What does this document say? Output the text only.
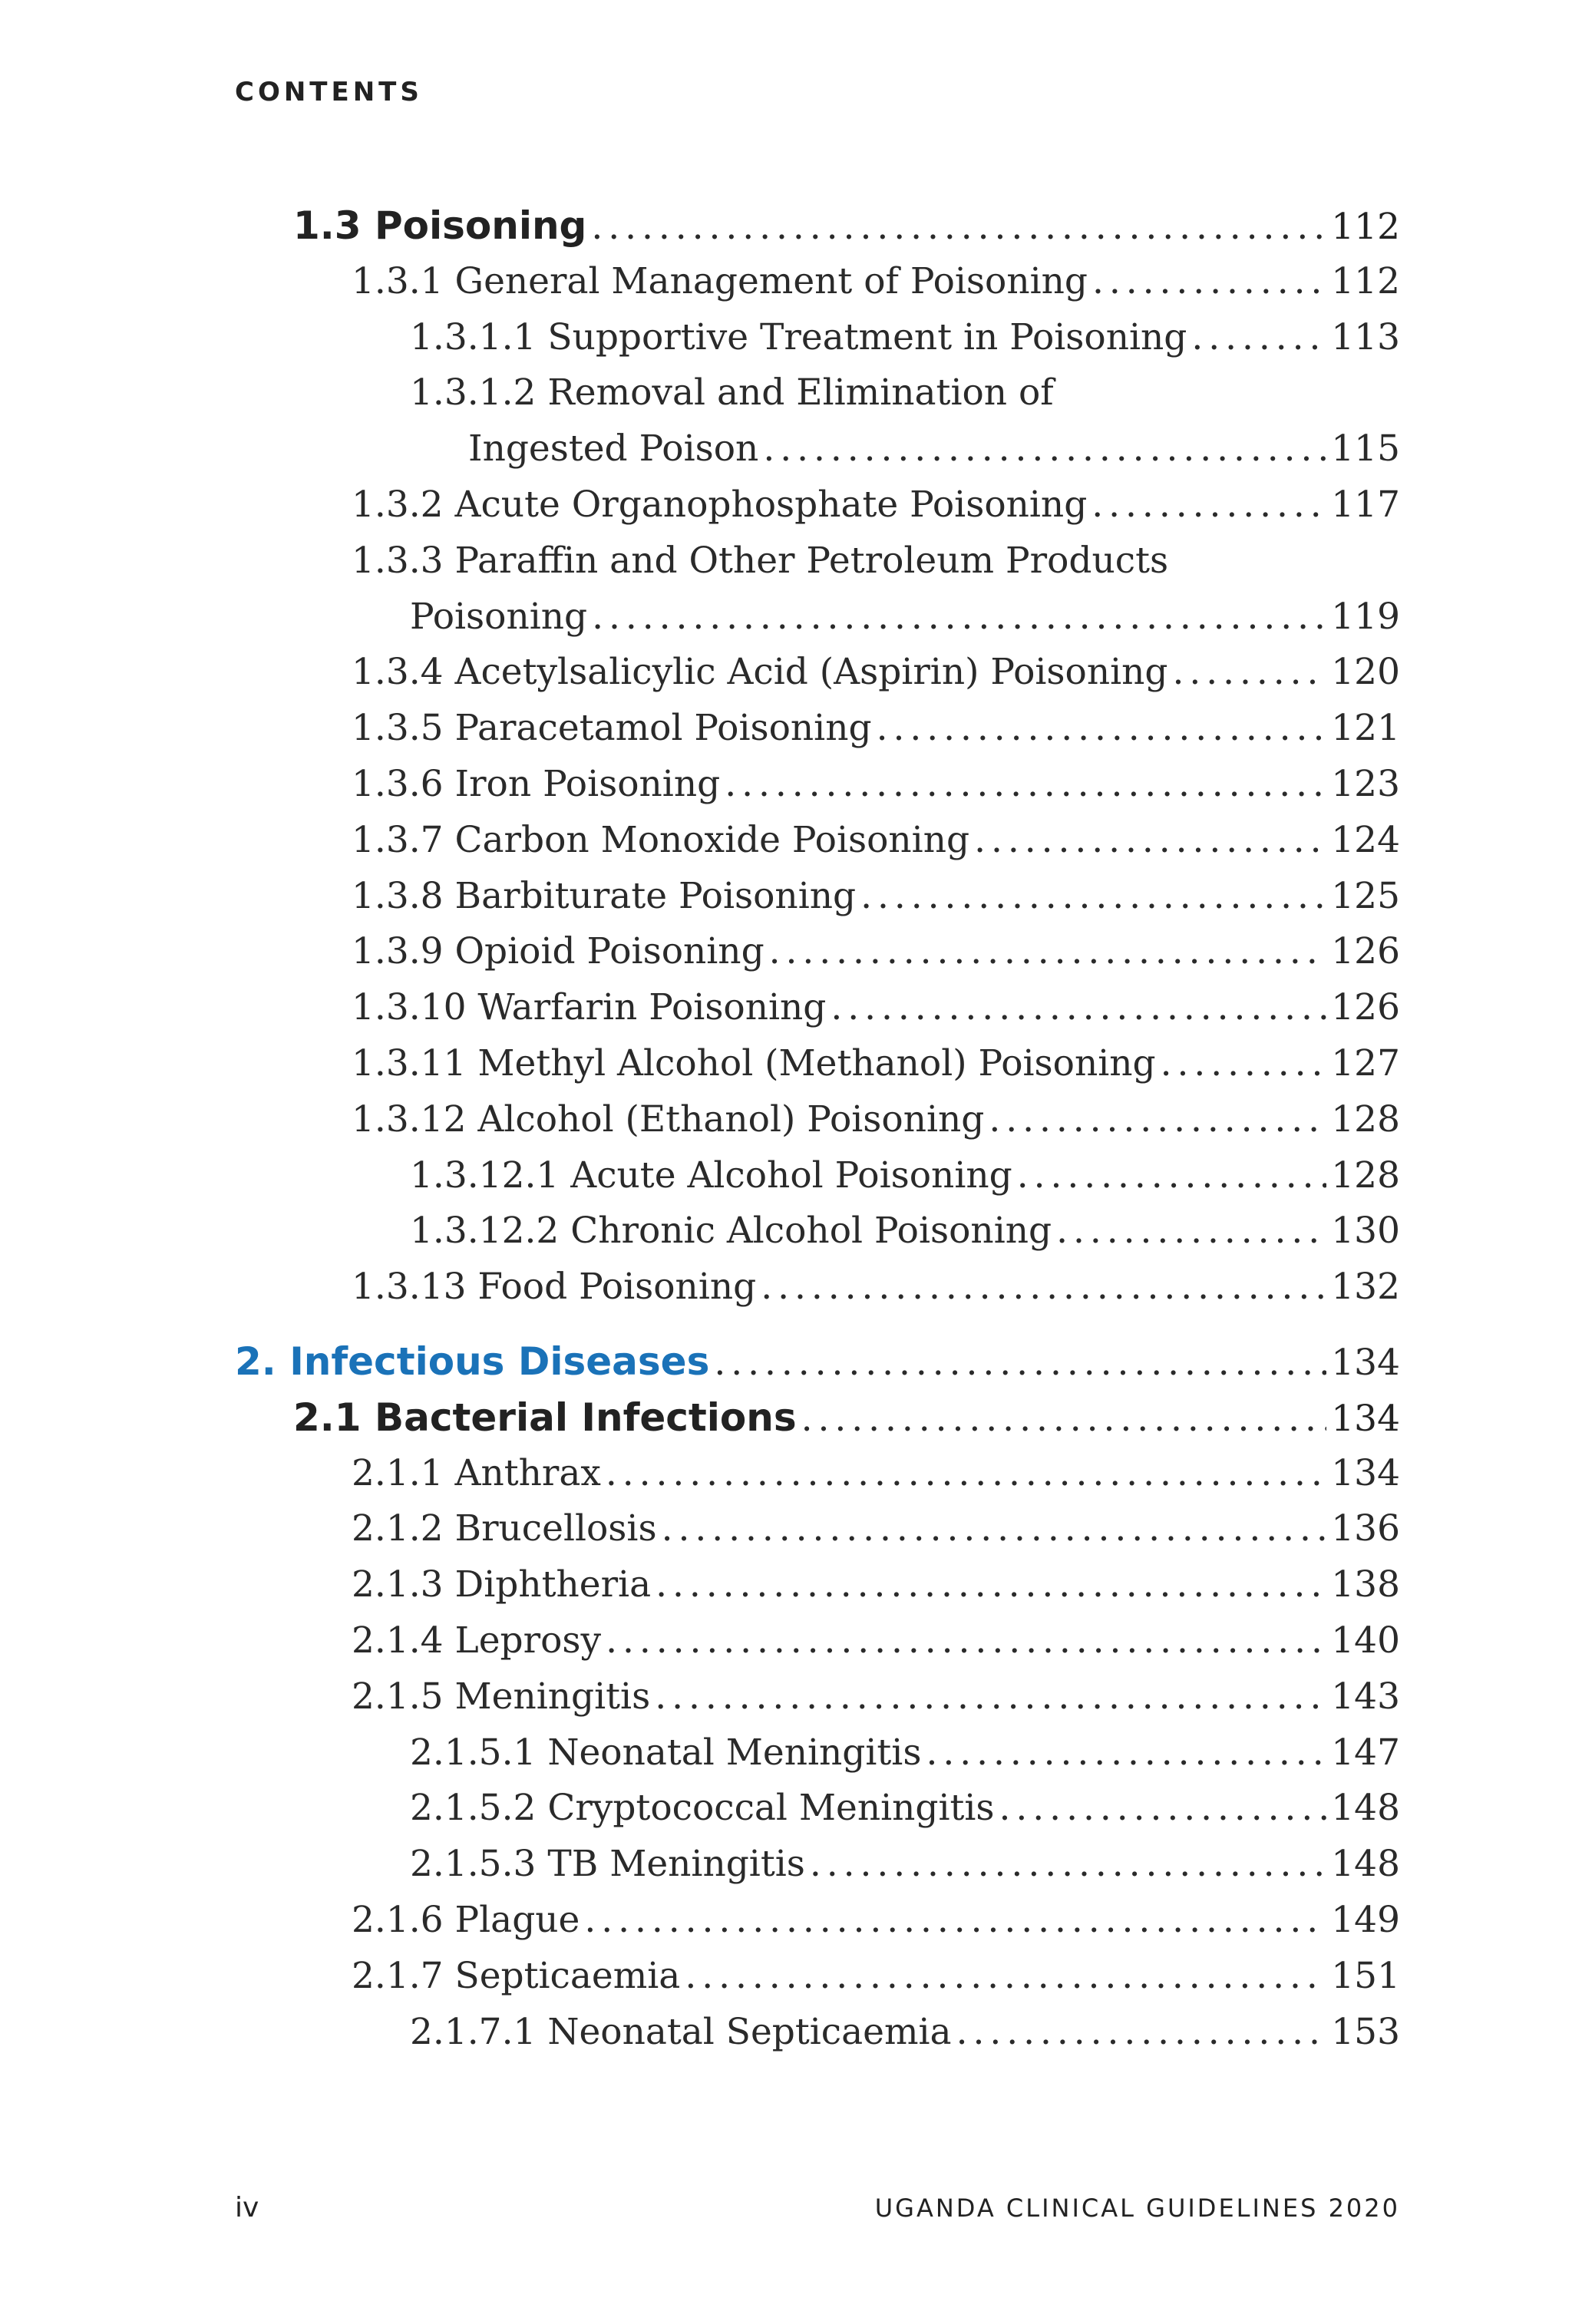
CONTENTS
1.3 Poisoning . . .	112
1.3.1 General Management of Poisoning . . .	112
1.3.1.1 Supportive Treatment in Poisoning . . .	113
1.3.1.2 Removal and Elimination of
Ingested Poison . . .	115
1.3.2 Acute Organophosphate Poisoning . . .	117
1.3.3 Paraffin and Other Petroleum Products
Poisoning . . .	119
1.3.4 Acetylsalicylic Acid (Aspirin) Poisoning . . .	120
1.3.5 Paracetamol Poisoning . . .	121
1.3.6 Iron Poisoning . . .	123
1.3.7 Carbon Monoxide Poisoning . . .	124
1.3.8 Barbiturate Poisoning . . .	125
1.3.9 Opioid Poisoning . . .	126
1.3.10 Warfarin Poisoning . . .	126
1.3.11 Methyl Alcohol (Methanol) Poisoning . . .	127
1.3.12 Alcohol (Ethanol) Poisoning . . .	128
1.3.12.1 Acute Alcohol Poisoning . . .	128
1.3.12.2 Chronic Alcohol Poisoning . . .	130
1.3.13 Food Poisoning . . .	132
2. Infectious Diseases . . .	134
2.1 Bacterial Infections . . .	134
2.1.1 Anthrax . . .	134
2.1.2 Brucellosis . . .	136
2.1.3 Diphtheria . . .	138
2.1.4 Leprosy . . .	140
2.1.5 Meningitis . . .	143
2.1.5.1 Neonatal Meningitis . . .	147
2.1.5.2 Cryptococcal Meningitis . . .	148
2.1.5.3 TB Meningitis . . .	148
2.1.6 Plague . . .	149
2.1.7 Septicaemia . . .	151
2.1.7.1 Neonatal Septicaemia . . .	153
iv	UGANDA CLINICAL GUIDELINES 2020
